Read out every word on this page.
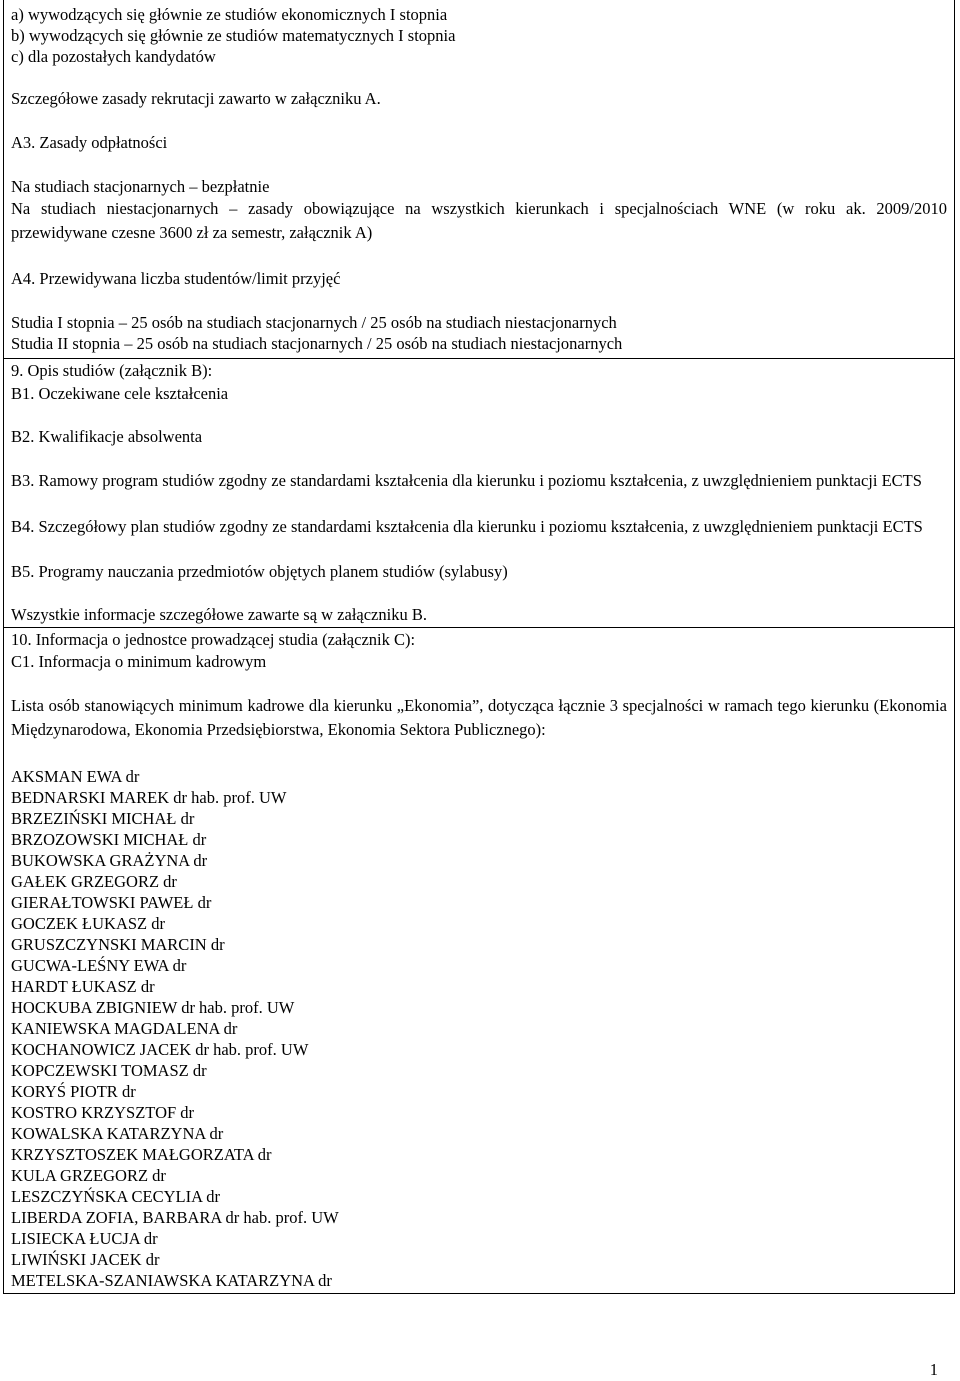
a) wywodzących się głównie ze studiów ekonomicznych I stopnia
b) wywodzących się głównie ze studiów matematycznych I stopnia
c) dla pozostałych kandydatów
Szczegółowe zasady rekrutacji zawarto w załączniku A.
A3. Zasady odpłatności
Na studiach stacjonarnych – bezpłatnie
Na studiach niestacjonarnych – zasady obowiązujące na wszystkich kierunkach i specjalnościach WNE (w roku ak. 2009/2010 przewidywane czesne 3600 zł za semestr, załącznik A)
A4. Przewidywana liczba studentów/limit przyjęć
Studia I stopnia – 25 osób na studiach stacjonarnych / 25 osób na studiach niestacjonarnych
Studia II stopnia – 25 osób na studiach stacjonarnych / 25 osób na studiach niestacjonarnych
9. Opis studiów (załącznik B):
B1. Oczekiwane cele kształcenia
B2. Kwalifikacje absolwenta
B3. Ramowy program studiów zgodny ze standardami kształcenia dla kierunku i poziomu kształcenia, z uwzględnieniem punktacji ECTS
B4. Szczegółowy plan studiów zgodny ze standardami kształcenia dla kierunku i poziomu kształcenia, z uwzględnieniem punktacji ECTS
B5. Programy nauczania przedmiotów objętych planem studiów (sylabusy)
Wszystkie informacje szczegółowe zawarte są w załączniku B.
10. Informacja o jednostce prowadzącej studia (załącznik C):
C1. Informacja o minimum kadrowym
Lista osób stanowiących minimum kadrowe dla kierunku „Ekonomia”, dotycząca łącznie 3 specjalności w ramach tego kierunku (Ekonomia Międzynarodowa, Ekonomia Przedsiębiorstwa, Ekonomia Sektora Publicznego):
AKSMAN EWA dr
BEDNARSKI MAREK dr hab. prof. UW
BRZEZIŃSKI MICHAŁ dr
BRZOZOWSKI MICHAŁ dr
BUKOWSKA GRAŻYNA dr
GAŁEK GRZEGORZ dr
GIERAŁTOWSKI PAWEŁ dr
GOCZEK ŁUKASZ dr
GRUSZCZYNSKI MARCIN dr
GUCWA-LEŚNY EWA dr
HARDT ŁUKASZ dr
HOCKUBA ZBIGNIEW dr hab. prof. UW
KANIEWSKA MAGDALENA dr
KOCHANOWICZ JACEK dr hab. prof. UW
KOPCZEWSKI TOMASZ dr
KORYŚ PIOTR dr
KOSTRO KRZYSZTOF dr
KOWALSKA KATARZYNA dr
KRZYSZTOSZEK MAŁGORZATA dr
KULA GRZEGORZ dr
LESZCZYŃSKA CECYLIA dr
LIBERDA ZOFIA, BARBARA dr hab. prof. UW
LISIECKA ŁUCJA dr
LIWIŃSKI JACEK dr
METELSKA-SZANIAWSKA KATARZYNA dr
1
